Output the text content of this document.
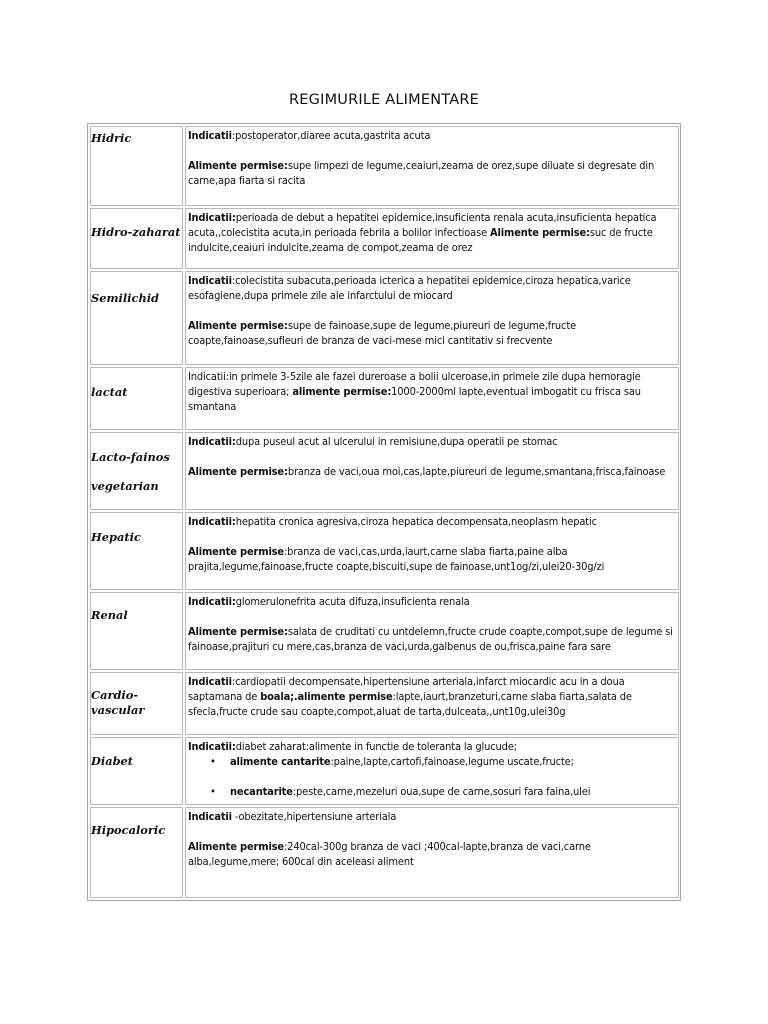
REGIMURILE ALIMENTARE
Hidric	Indicatii:postoperator,diaree acuta,gastrita acuta

Alimente permise:supe limpezi de legume,ceaiuri,zeama de orez,supe diluate si degresate din carne,apa fiarta si racita

Hidro-zaharat

Indicatii:perioada de debut a hepatitei epidemice,insuficienta renala acuta,insuficienta hepatica acuta,,colecistita acuta,in perioada febrila a bolilor infectioase Alimente permise:suc de fructe indulcite,ceaiuri indulcite,zeama de compot,zeama de orez

Semilichid

Indicatii:colecistita subacuta,perioada icterica a hepatitei epidemice,ciroza hepatica,varice esofagiene,dupa primele zile ale infarctului de miocard

Alimente permise:supe de fainoase,supe de legume,piureuri de legume,fructe coapte,fainoase,sufleuri de branza de vaci-mese mici cantitativ si frecvente

lactat

Indicatii:in primele 3-5zile ale fazei dureroase a bolii ulceroase,in primele zile dupa hemoragie digestiva superioara; alimente permise:1000-2000ml lapte,eventual imbogatit cu frisca sau smantana

Lacto-fainos
vegetarian

Indicatii:dupa puseul acut al ulcerului in remisiune,dupa operatii pe stomac

Alimente permise:branza de vaci,oua moi,cas,lapte,piureuri de legume,smantana,frisca,fainoase

Hepatic

Indicatii:hepatita cronica agresiva,ciroza hepatica decompensata,neoplasm hepatic

Alimente permise:branza de vaci,cas,urda,iaurt,carne slaba fiarta,paine alba prajita,legume,fainoase,fructe coapte,biscuiti,supe de fainoase,unt1og/zi,ulei20-30g/zi

Renal

Indicatii:glomerulonefrita acuta difuza,insuficienta renala

Alimente permise:salata de cruditati cu untdelemn,fructe crude coapte,compot,supe de legume si fainoase,prajituri cu mere,cas,branza de vaci,urda,galbenus de ou,frisca,paine fara sare

Cardio-
vascular

Indicatii:cardiopatii decompensate,hipertensiune arteriala,infarct miocardic acu in a doua saptamana de boala;.alimente permise:lapte,iaurt,branzeturi,carne slaba fiarta,salata de sfecla,fructe crude sau coapte,compot,aluat de tarta,dulceata,,unt10g,ulei30g

Diabet

Indicatii:diabet zaharat:alimente in functie de toleranta la glucude;

• alimente cantarite:paine,lapte,cartofi,fainoase,legume uscate,fructe;

• necantarite:peste,carne,mezeluri oua,supe de carne,sosuri fara faina,ulei

Hipocaloric

Indicatii -obezitate,hipertensiune arteriala

Alimente permise:240cal-300g branza de vaci ;400cal-lapte,branza de vaci,carne alba,legume,mere; 600cal din aceleasi aliment
